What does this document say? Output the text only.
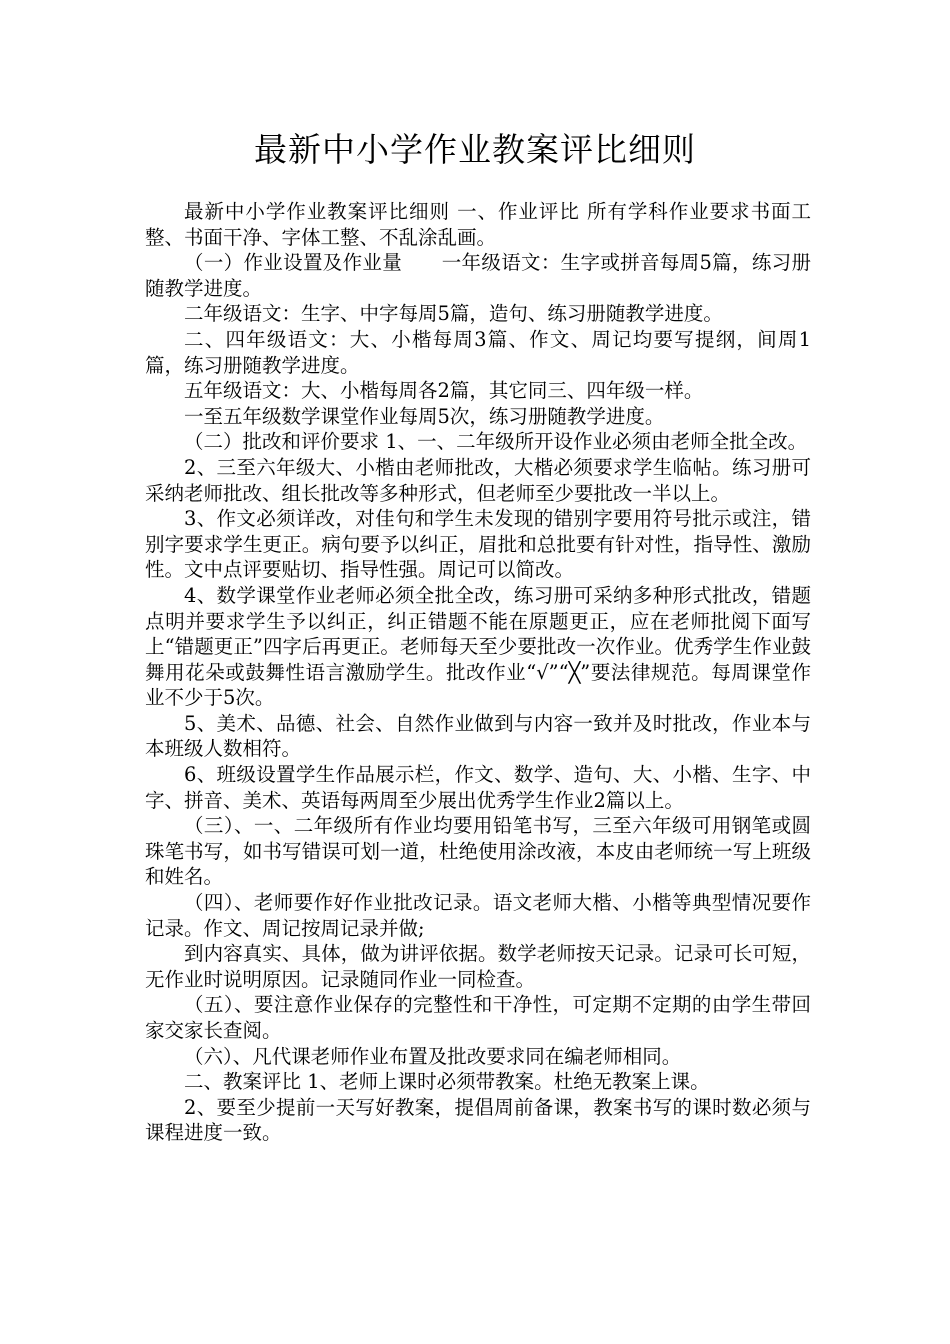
最新中小学作业教案评比细则

最新中小学作业教案评比细则 一、作业评比 所有学科作业要求书面工整、书面干净、字体工整、不乱涂乱画。

（一）作业设置及作业量　　一年级语文：生字或拼音每周5篇，练习册随教学进度。

二年级语文：生字、中字每周5篇，造句、练习册随教学进度。

二、四年级语文：大、小楷每周3篇、作文、周记均要写提纲，间周1篇，练习册随教学进度。

五年级语文：大、小楷每周各2篇，其它同三、四年级一样。

一至五年级数学课堂作业每周5次，练习册随教学进度。

（二）批改和评价要求 1、一、二年级所开设作业必须由老师全批全改。

2、三至六年级大、小楷由老师批改，大楷必须要求学生临帖。练习册可采纳老师批改、组长批改等多种形式，但老师至少要批改一半以上。

3、作文必须详改，对佳句和学生未发现的错别字要用符号批示或注，错别字要求学生更正。病句要予以纠正，眉批和总批要有针对性，指导性、激励性。文中点评要贴切、指导性强。周记可以简改。

4、数学课堂作业老师必须全批全改，练习册可采纳多种形式批改，错题点明并要求学生予以纠正，纠正错题不能在原题更正，应在老师批阅下面写上“错题更正”四字后再更正。老师每天至少要批改一次作业。优秀学生作业鼓舞用花朵或鼓舞性语言激励学生。批改作业“√”“╳”要法律规范。每周课堂作业不少于5次。

5、美术、品德、社会、自然作业做到与内容一致并及时批改，作业本与本班级人数相符。

6、班级设置学生作品展示栏，作文、数学、造句、大、小楷、生字、中字、拼音、美术、英语每两周至少展出优秀学生作业2篇以上。

（三）、一、二年级所有作业均要用铅笔书写，三至六年级可用钢笔或圆珠笔书写，如书写错误可划一道，杜绝使用涂改液，本皮由老师统一写上班级和姓名。

（四）、老师要作好作业批改记录。语文老师大楷、小楷等典型情况要作记录。作文、周记按周记录并做;

到内容真实、具体，做为讲评依据。数学老师按天记录。记录可长可短，无作业时说明原因。记录随同作业一同检查。

（五）、要注意作业保存的完整性和干净性，可定期不定期的由学生带回家交家长查阅。

（六）、凡代课老师作业布置及批改要求同在编老师相同。

二、教案评比 1、老师上课时必须带教案。杜绝无教案上课。

2、要至少提前一天写好教案，提倡周前备课，教案书写的课时数必须与课程进度一致。
